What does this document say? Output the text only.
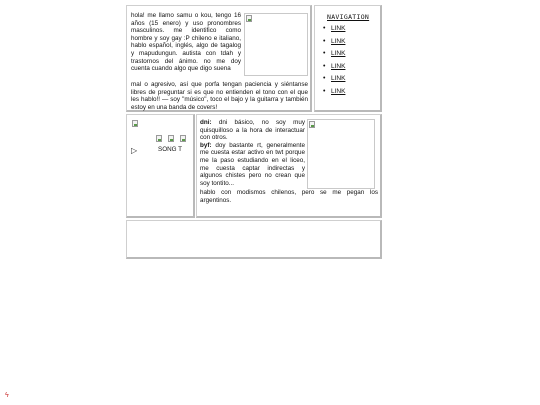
hola! me llamo samu o kou, tengo 16 años (15 enero) y uso pronombres masculinos. me identifico como hombre y soy gay :P chileno e italiano, hablo español, inglés, algo de tagalog y mapudungun. autista con tdah y trastornos del ánimo. no me doy cuenta cuando algo que digo suena

mal o agresivo, así que porfa tengan paciencia y siéntanse libres de preguntar si es que no entienden el tono con el que les hablo!! — soy "músico", toco el bajo y la guitarra y también estoy en una banda de covers!

NAVIGATION
• LINK
• LINK
• LINK
• LINK
• LINK
• LINK
▷	SONG T

dni: dni básico, no soy muy quisquilloso a la hora de interactuar con otros.

byf: doy bastante rt, generalmente me cuesta estar activo en twt porque me la paso estudiando en el liceo, me cuesta captar indirectas y algunos chistes pero no crean que soy tontito...

hablo con modismos chilenos, pero se me pegan los argentinos.

ϟ
